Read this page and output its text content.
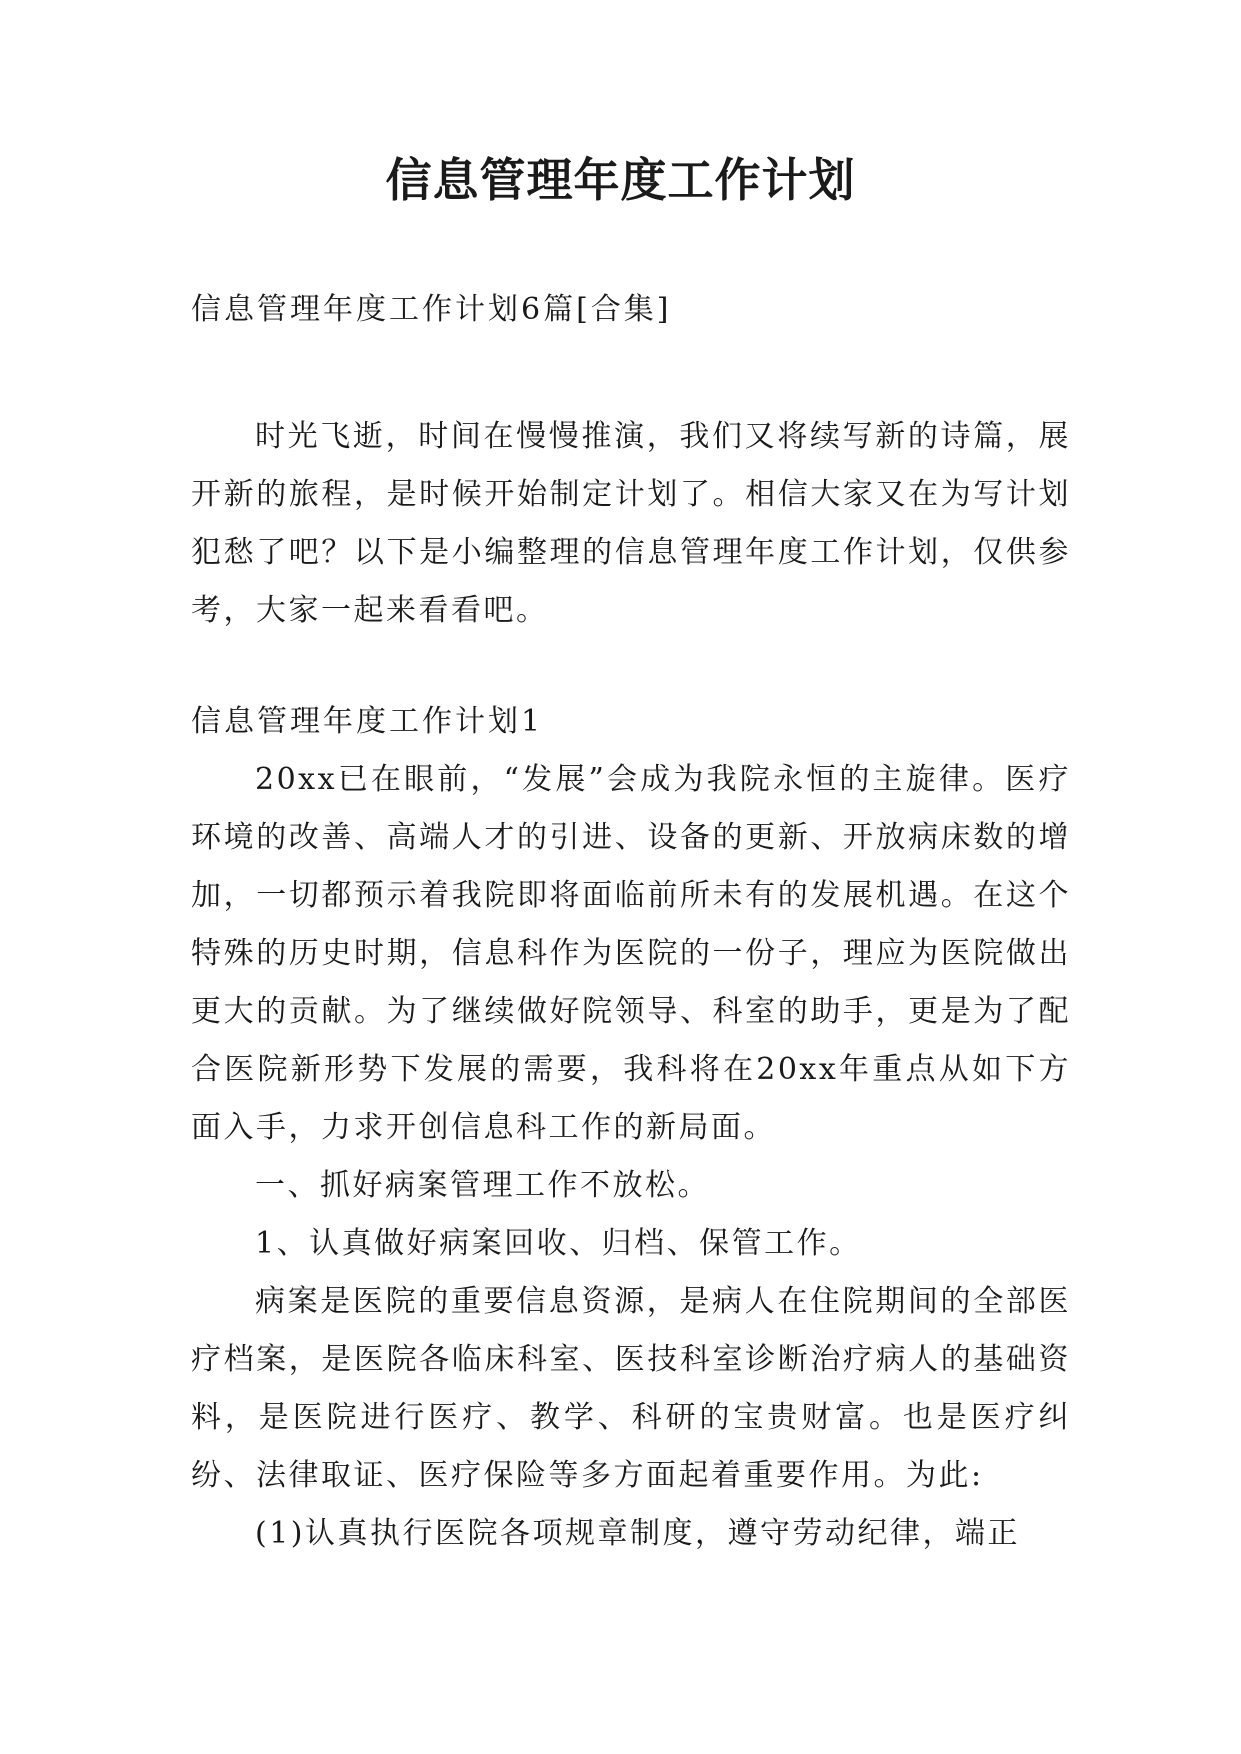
信息管理年度工作计划
信息管理年度工作计划6篇[合集]

时光飞逝，时间在慢慢推演，我们又将续写新的诗篇，展开新的旅程，是时候开始制定计划了。相信大家又在为写计划犯愁了吧？以下是小编整理的信息管理年度工作计划，仅供参考，大家一起来看看吧。

信息管理年度工作计划1
20xx已在眼前，“发展”会成为我院永恒的主旋律。医疗环境的改善、高端人才的引进、设备的更新、开放病床数的增加，一切都预示着我院即将面临前所未有的发展机遇。在这个特殊的历史时期，信息科作为医院的一份子，理应为医院做出更大的贡献。为了继续做好院领导、科室的助手，更是为了配合医院新形势下发展的需要，我科将在20xx年重点从如下方面入手，力求开创信息科工作的新局面。
一、抓好病案管理工作不放松。
1、认真做好病案回收、归档、保管工作。
病案是医院的重要信息资源，是病人在住院期间的全部医疗档案，是医院各临床科室、医技科室诊断治疗病人的基础资料，是医院进行医疗、教学、科研的宝贵财富。也是医疗纠纷、法律取证、医疗保险等多方面起着重要作用。为此:
(1)认真执行医院各项规章制度，遵守劳动纪律，端正
